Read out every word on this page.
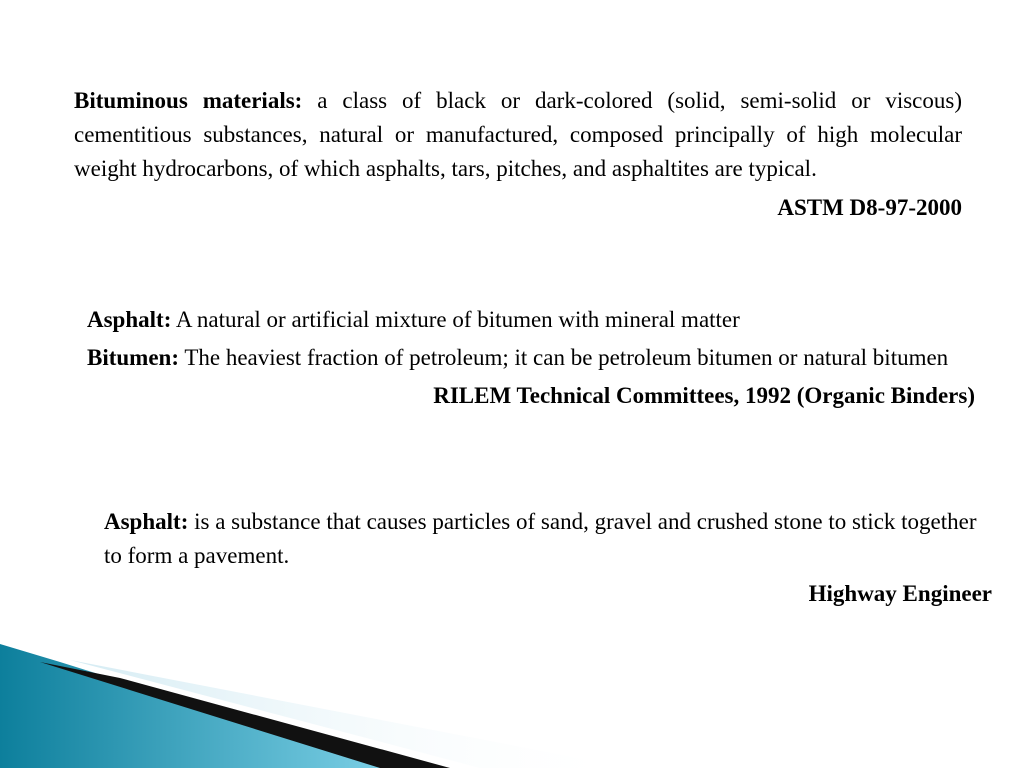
Bituminous materials: a class of black or dark-colored (solid, semi-solid or viscous) cementitious substances, natural or manufactured, composed principally of high molecular weight hydrocarbons, of which asphalts, tars, pitches, and asphaltites are typical.

ASTM D8-97-2000

Asphalt: A natural or artificial mixture of bitumen with mineral matter

Bitumen: The heaviest fraction of petroleum; it can be petroleum bitumen or natural bitumen

RILEM Technical Committees, 1992 (Organic Binders)

Asphalt: is a substance that causes particles of sand, gravel and crushed stone to stick together to form a pavement.

Highway Engineer
